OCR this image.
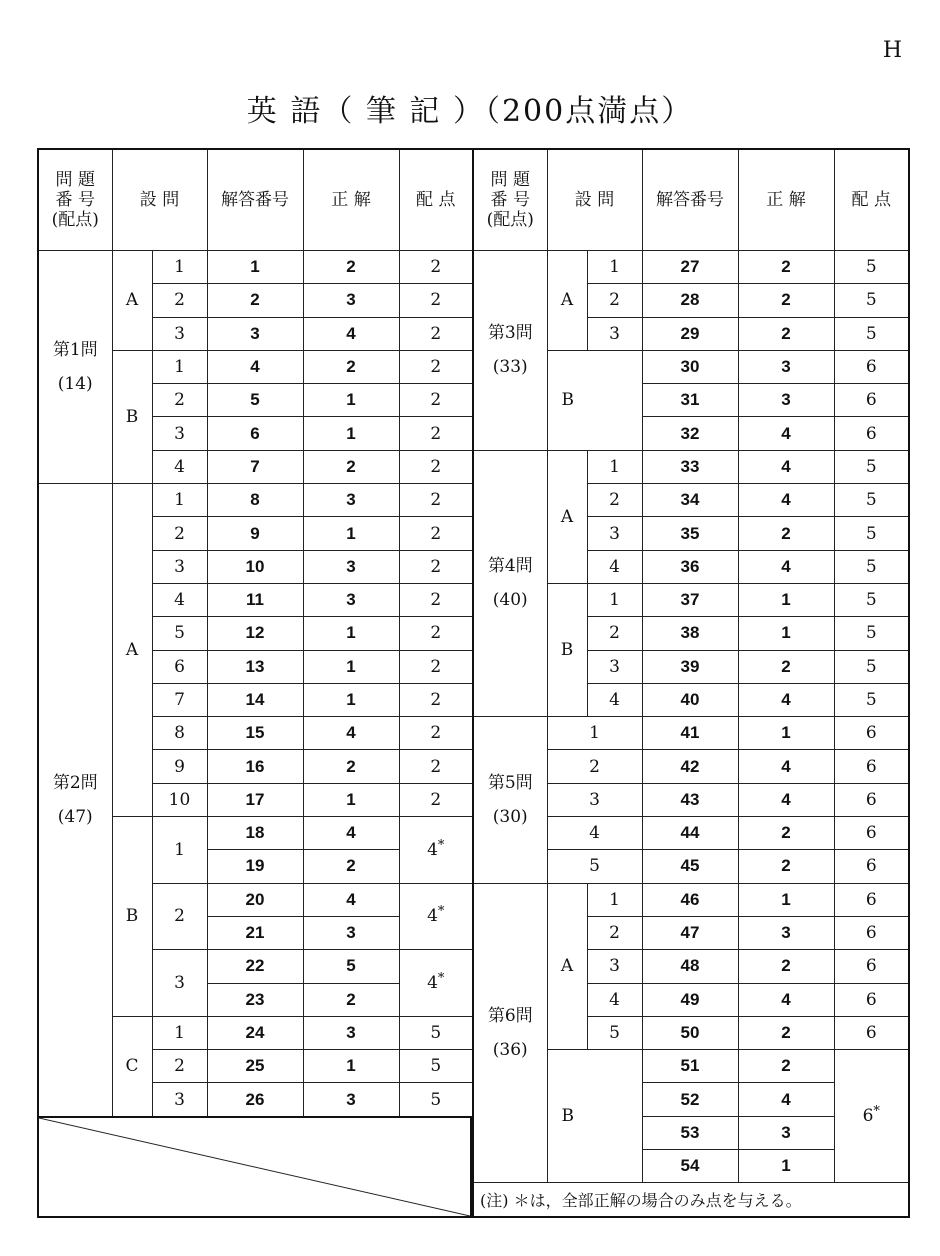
H
英 語（ 筆 記 ）（200点満点）
問 題
番 号
(配点)	設 問		解答番号	正 解	配 点
第1問
(14)	A	1	1	2	2
		2	2	3	2
		3	3	4	2
	B	1	4	2	2
		2	5	1	2
		3	6	1	2
		4	7	2	2
第2問
(47)	A	1	8	3	2
		2	9	1	2
		3	10	3	2
		4	11	3	2
		5	12	1	2
		6	13	1	2
		7	14	1	2
		8	15	4	2
		9	16	2	2
		10	17	1	2
	B	1	18	4	4*
			19	2	
		2	20	4	4*
			21	3	
		3	22	5	4*
			23	2	
	C	1	24	3	5
		2	25	1	5
		3	26	3	5
問 題
番 号
(配点)	設 問		解答番号	正 解	配 点
第3問
(33)	A	1	27	2	5
		2	28	2	5
		3	29	2	5
	B		30	3	6
			31	3	6
			32	4	6
第4問
(40)	A	1	33	4	5
		2	34	4	5
		3	35	2	5
		4	36	4	5
	B	1	37	1	5
		2	38	1	5
		3	39	2	5
		4	40	4	5
第5問
(30)	1		41	1	6
	2		42	4	6
	3		43	4	6
	4		44	2	6
	5		45	2	6
第6問
(36)	A	1	46	1	6
		2	47	3	6
		3	48	2	6
		4	49	4	6
		5	50	2	6
	B		51	2	6*
			52	4	
			53	3	
			54	1	
(注) ＊は，全部正解の場合のみ点を与える。					
